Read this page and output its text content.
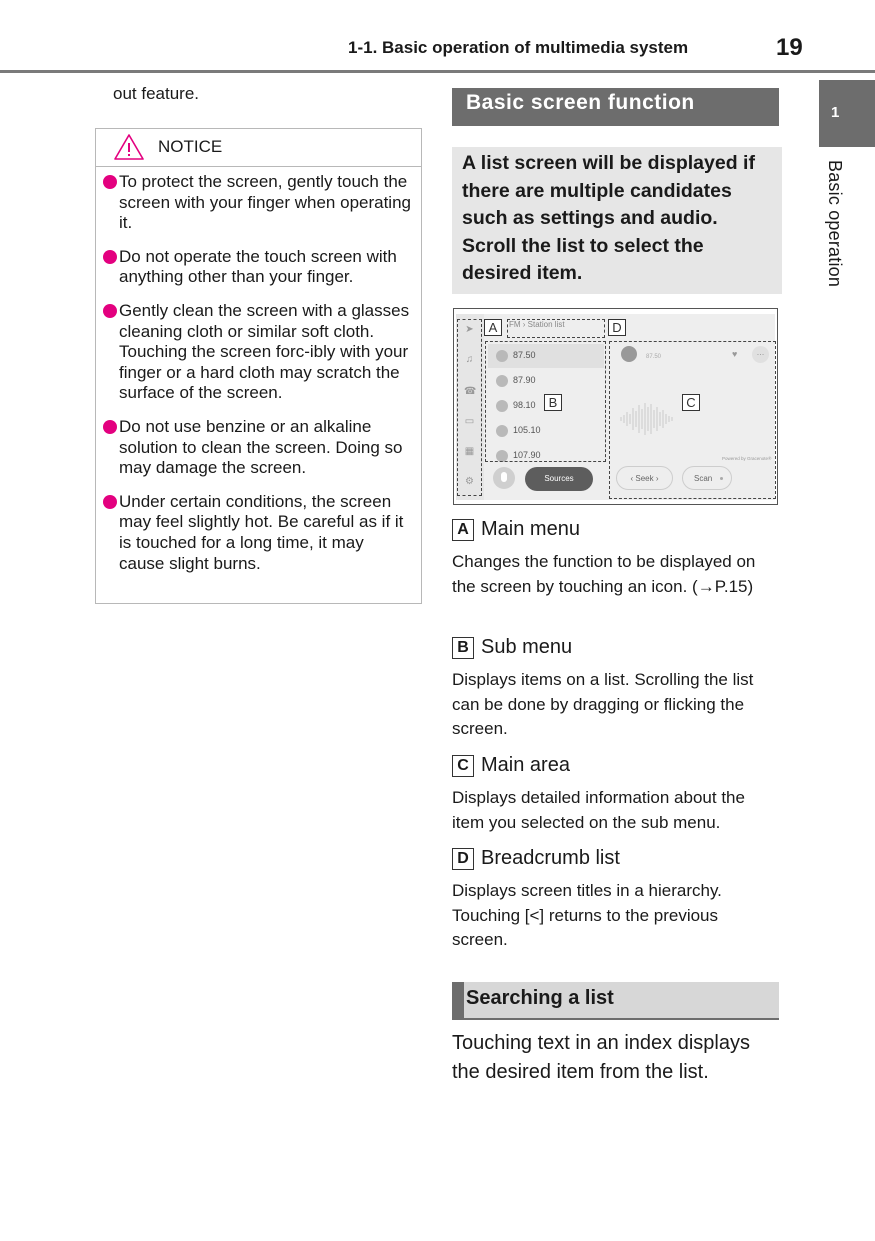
1-1. Basic operation of multimedia system	19
1
Basic operation
out feature.
NOTICE
To protect the screen, gently touch the screen with your finger when operating it.
Do not operate the touch screen with anything other than your finger.
Gently clean the screen with a glasses cleaning cloth or similar soft cloth. Touching the screen forc-ibly with your finger or a hard cloth may scratch the surface of the screen.
Do not use benzine or an alkaline solution to clean the screen. Doing so may damage the screen.
Under certain conditions, the screen may feel slightly hot. Be careful as if it is touched for a long time, it may cause slight burns.
Basic screen function
A list screen will be displayed if there are multiple candidates such as settings and audio. Scroll the list to select the desired item.
➤
♫
☎
▭
▦
⚙
FM › Station list
87.50
87.90
98.10
105.10
107.90
87.50	♥	…
Powered by Gracenote®
Sources	‹ Seek ›	Scan
A
B	C
D
A Main menu
Changes the function to be displayed on the screen by touching an icon. (→P.15)
B Sub menu
Displays items on a list. Scrolling the list can be done by dragging or flicking the screen.
C Main area
Displays detailed information about the item you selected on the sub menu.
D Breadcrumb list
Displays screen titles in a hierarchy. Touching [<] returns to the previous screen.
Searching a list
Touching text in an index displays the desired item from the list.
